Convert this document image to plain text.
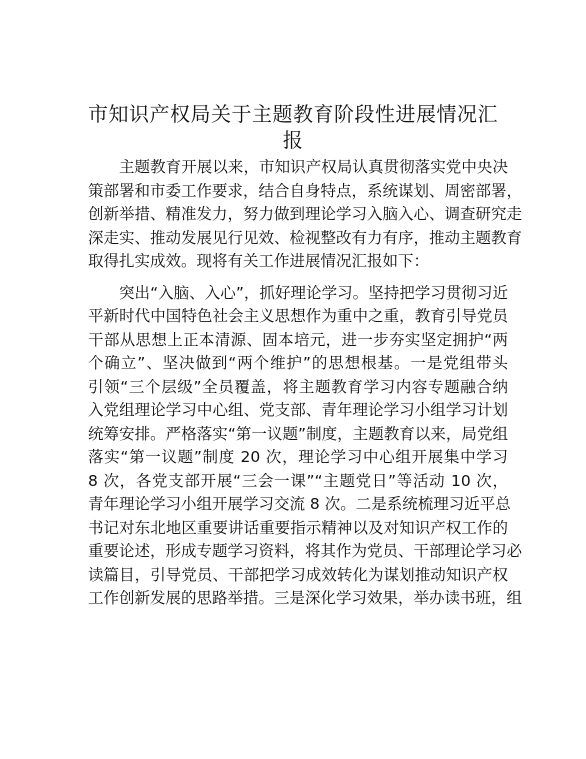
市知识产权局关于主题教育阶段性进展情况汇
报

主题教育开展以来，市知识产权局认真贯彻落实党中央决
策部署和市委工作要求，结合自身特点，系统谋划、周密部署，
创新举措、精准发力，努力做到理论学习入脑入心、调查研究走
深走实、推动发展见行见效、检视整改有力有序，推动主题教育
取得扎实成效。现将有关工作进展情况汇报如下：

突出“入脑、入心”，抓好理论学习。坚持把学习贯彻习近
平新时代中国特色社会主义思想作为重中之重，教育引导党员
干部从思想上正本清源、固本培元，进一步夯实坚定拥护“两
个确立”、坚决做到“两个维护”的思想根基。一是党组带头
引领“三个层级”全员覆盖，将主题教育学习内容专题融合纳
入党组理论学习中心组、党支部、青年理论学习小组学习计划
统筹安排。严格落实“第一议题”制度，主题教育以来，局党组
落实“第一议题”制度 20 次，理论学习中心组开展集中学习
8 次，各党支部开展“三会一课”“主题党日”等活动 10 次，
青年理论学习小组开展学习交流 8 次。二是系统梳理习近平总
书记对东北地区重要讲话重要指示精神以及对知识产权工作的
重要论述，形成专题学习资料，将其作为党员、干部理论学习必
读篇目，引导党员、干部把学习成效转化为谋划推动知识产权
工作创新发展的思路举措。三是深化学习效果，举办读书班，组
